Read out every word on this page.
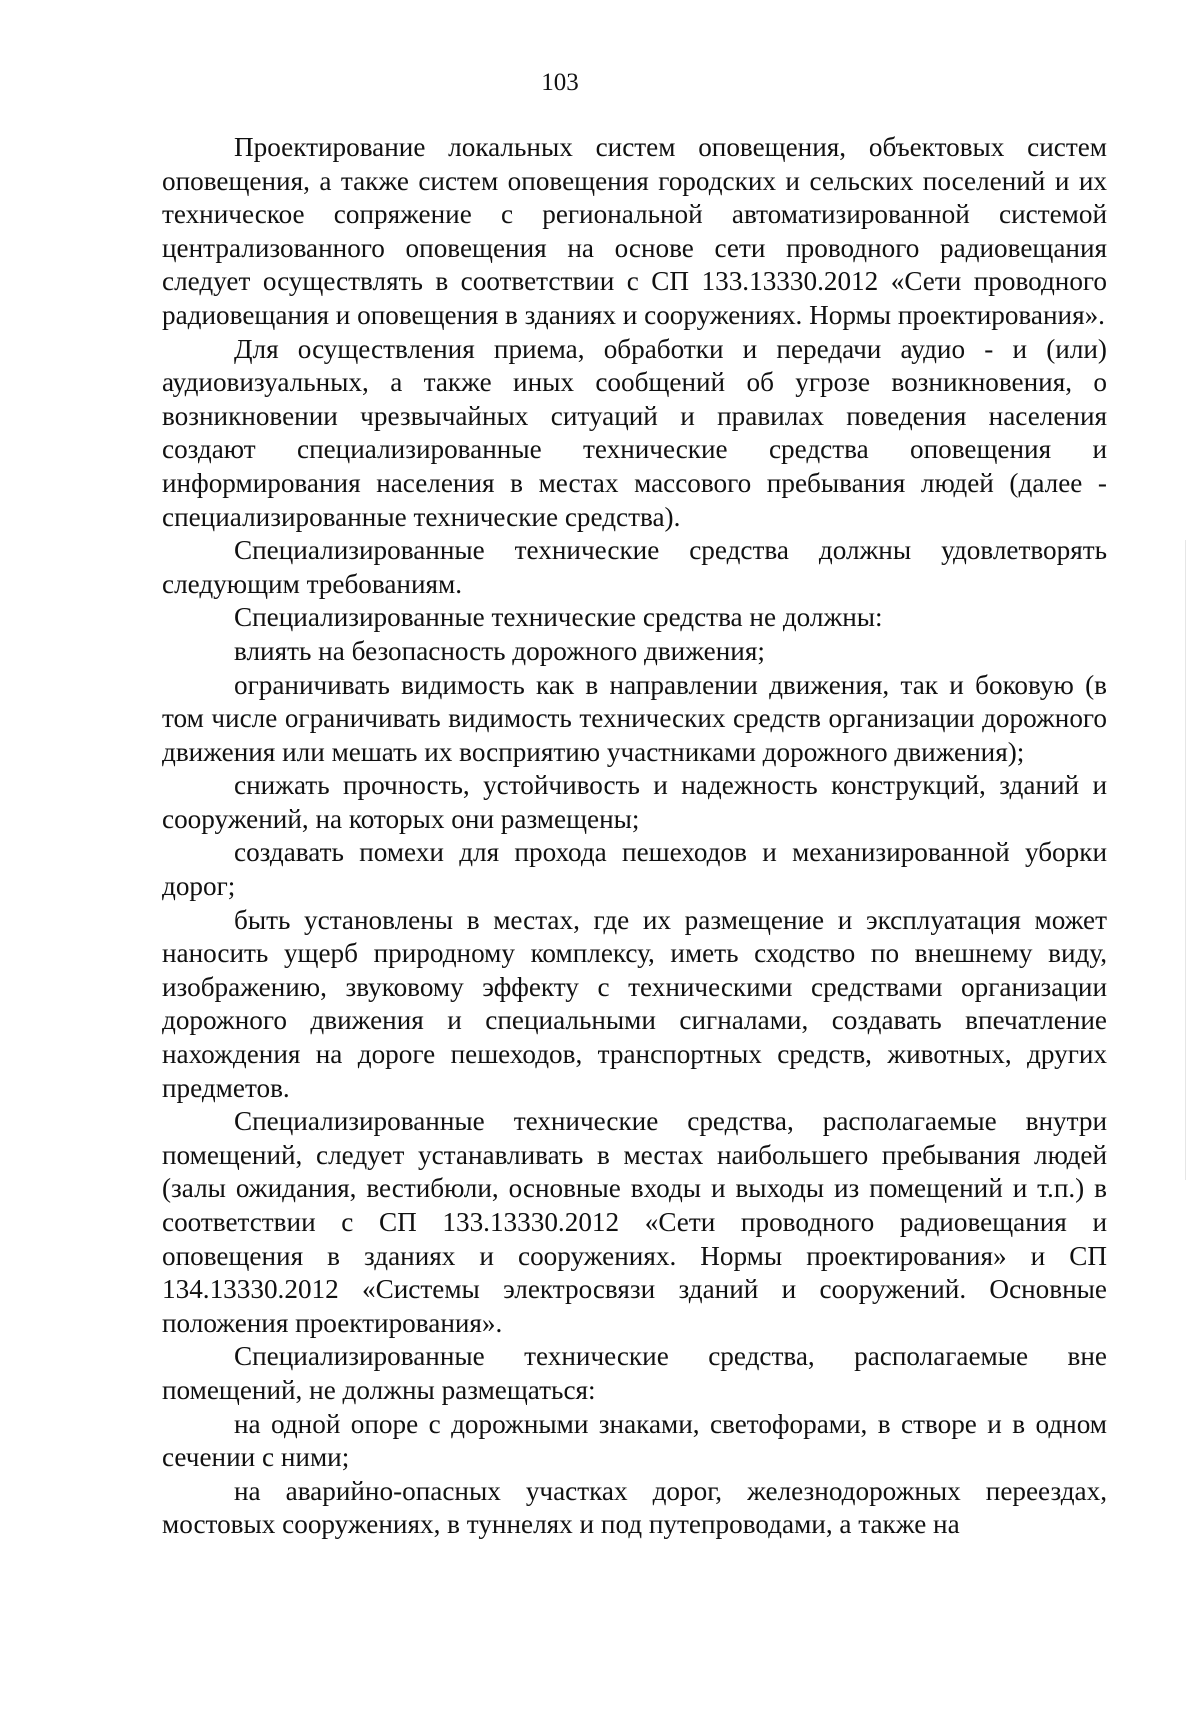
103

Проектирование локальных систем оповещения, объектовых систем оповещения, а также систем оповещения городских и сельских поселений и их техническое сопряжение с региональной автоматизированной системой централизованного оповещения на основе сети проводного радиовещания следует осуществлять в соответствии с СП 133.13330.2012 «Сети проводного радиовещания и оповещения в зданиях и сооружениях. Нормы проектирования».

Для осуществления приема, обработки и передачи аудио - и (или) аудиовизуальных, а также иных сообщений об угрозе возникновения, о возникновении чрезвычайных ситуаций и правилах поведения населения создают специализированные технические средства оповещения и информирования населения в местах массового пребывания людей (далее - специализированные технические средства).

Специализированные технические средства должны удовлетворять следующим требованиям.

Специализированные технические средства не должны:

влиять на безопасность дорожного движения;

ограничивать видимость как в направлении движения, так и боковую (в том числе ограничивать видимость технических средств организации дорожного движения или мешать их восприятию участниками дорожного движения);

снижать прочность, устойчивость и надежность конструкций, зданий и сооружений, на которых они размещены;

создавать помехи для прохода пешеходов и механизированной уборки дорог;

быть установлены в местах, где их размещение и эксплуатация может наносить ущерб природному комплексу, иметь сходство по внешнему виду, изображению, звуковому эффекту с техническими средствами организации дорожного движения и специальными сигналами, создавать впечатление нахождения на дороге пешеходов, транспортных средств, животных, других предметов.

Специализированные технические средства, располагаемые внутри помещений, следует устанавливать в местах наибольшего пребывания людей (залы ожидания, вестибюли, основные входы и выходы из помещений и т.п.) в соответствии с СП 133.13330.2012 «Сети проводного радиовещания и оповещения в зданиях и сооружениях. Нормы проектирования» и СП 134.13330.2012 «Системы электросвязи зданий и сооружений. Основные положения проектирования».

Специализированные технические средства, располагаемые вне помещений, не должны размещаться:

на одной опоре с дорожными знаками, светофорами, в створе и в одном сечении с ними;

на аварийно-опасных участках дорог, железнодорожных переездах, мостовых сооружениях, в туннелях и под путепроводами, а также на
